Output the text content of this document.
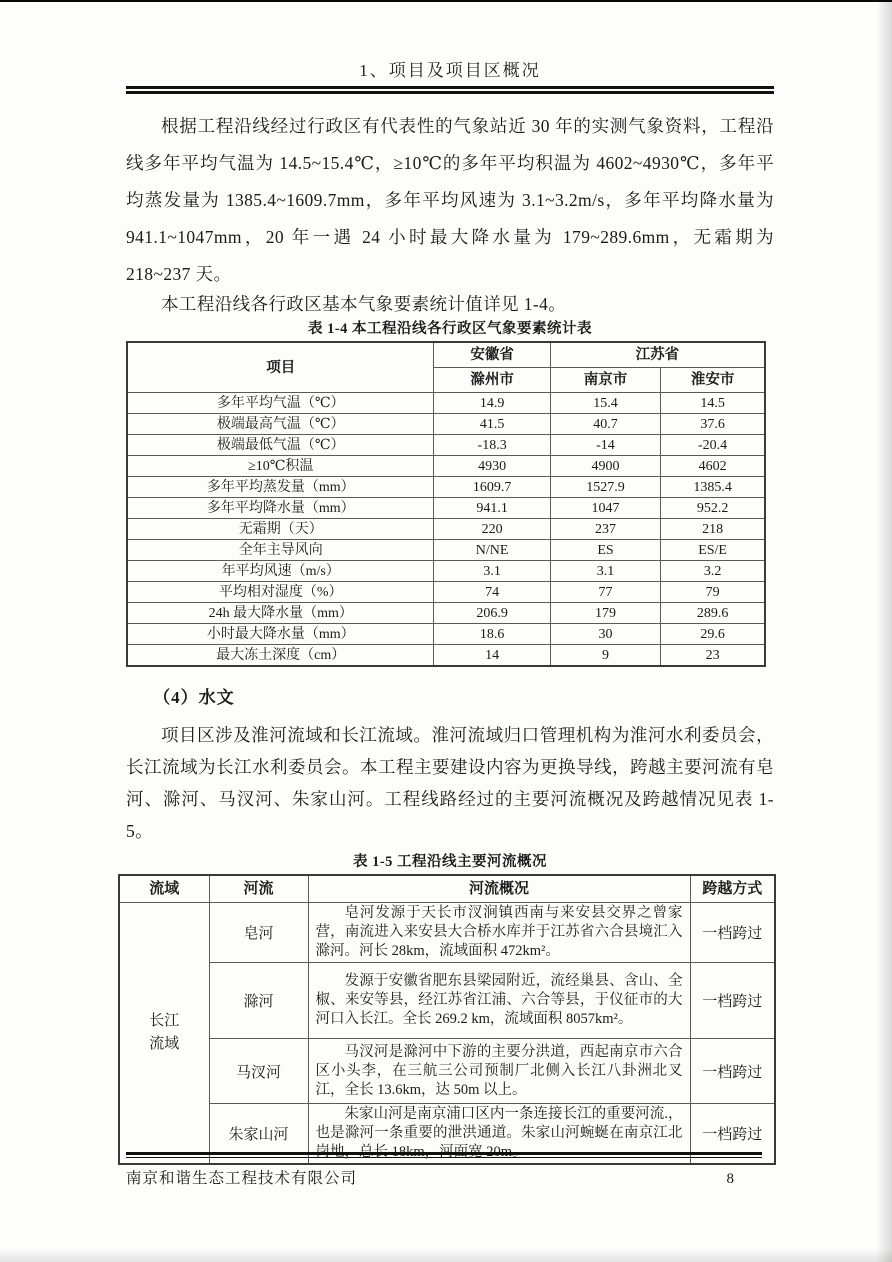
1、项目及项目区概况

根据工程沿线经过行政区有代表性的气象站近 30 年的实测气象资料，工程沿线多年平均气温为 14.5~15.4℃，≥10℃的多年平均积温为 4602~4930℃，多年平均蒸发量为 1385.4~1609.7mm，多年平均风速为 3.1~3.2m/s，多年平均降水量为 941.1~1047mm，20 年一遇 24 小时最大降水量为 179~289.6mm，无霜期为 218~237 天。

本工程沿线各行政区基本气象要素统计值详见 1-4。

表 1-4 本工程沿线各行政区气象要素统计表
项目	安徽省	江苏省	
	滁州市	南京市	淮安市
多年平均气温（℃）	14.9	15.4	14.5
极端最高气温（℃）	41.5	40.7	37.6
极端最低气温（℃）	-18.3	-14	-20.4
≥10℃积温	4930	4900	4602
多年平均蒸发量（mm）	1609.7	1527.9	1385.4
多年平均降水量（mm）	941.1	1047	952.2
无霜期（天）	220	237	218
全年主导风向	N/NE	ES	ES/E
年平均风速（m/s）	3.1	3.1	3.2
平均相对湿度（%）	74	77	79
24h 最大降水量（mm）	206.9	179	289.6
小时最大降水量（mm）	18.6	30	29.6
最大冻土深度（cm）	14	9	23
（4）水文

项目区涉及淮河流域和长江流域。淮河流域归口管理机构为淮河水利委员会，长江流域为长江水利委员会。本工程主要建设内容为更换导线，跨越主要河流有皂河、滁河、马汊河、朱家山河。工程线路经过的主要河流概况及跨越情况见表 1-5。

表 1-5 工程沿线主要河流概况
流域	河流	河流概况	跨越方式
长江流域	皂河	皂河发源于天长市汊涧镇西南与来安县交界之曾家营，南流进入来安县大合桥水库并于江苏省六合县境汇入滁河。河长 28km，流域面积 472km²。	一档跨过
	滁河	发源于安徽省肥东县梁园附近，流经巢县、含山、全椒、来安等县，经江苏省江浦、六合等县，于仪征市的大河口入长江。全长 269.2 km，流域面积 8057km²。	一档跨过
	马汊河	马汊河是滁河中下游的主要分洪道，西起南京市六合区小头李，在三航三公司预制厂北侧入长江八卦洲北叉江，全长 13.6km，达 50m 以上。	一档跨过
	朱家山河	朱家山河是南京浦口区内一条连接长江的重要河流.，也是滁河一条重要的泄洪通道。朱家山河蜿蜒在南京江北岗地，总长 18km，河面宽 20m。	一档跨过
南京和谐生态工程技术有限公司	8
